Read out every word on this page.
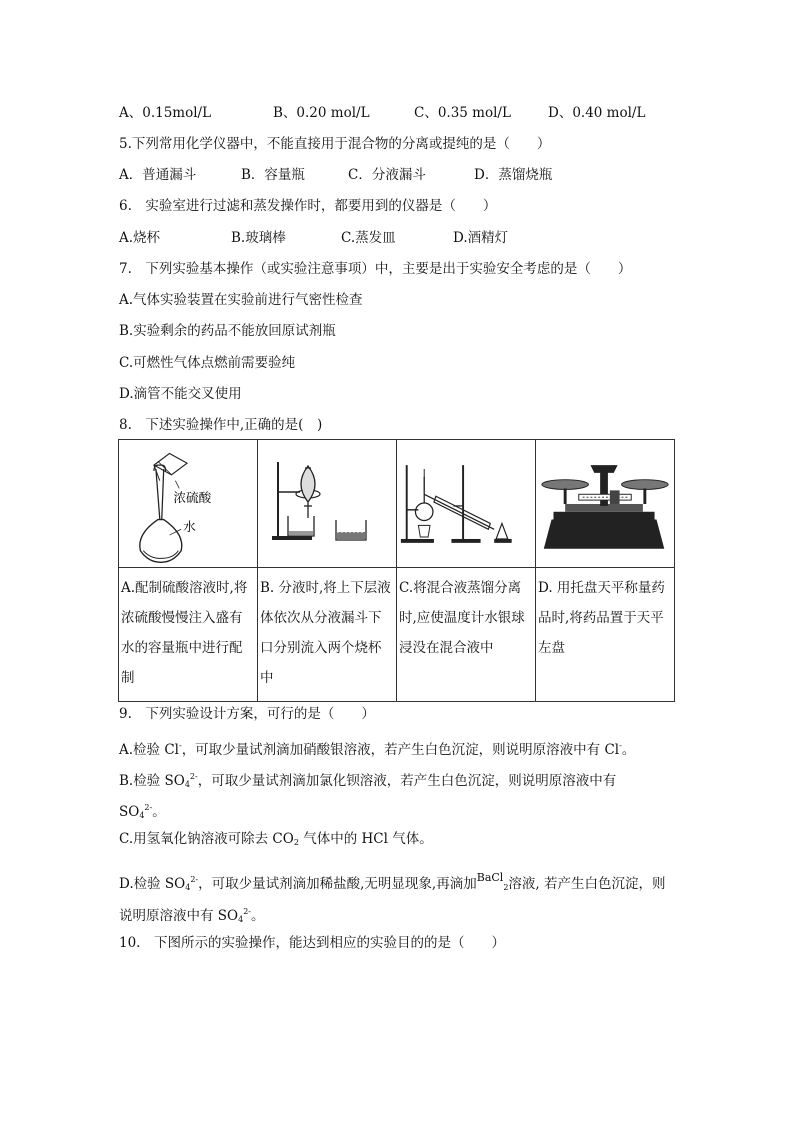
A、0.15mol/L	B、0.20 mol/L	C、0.35 mol/L	D、0.40 mol/L
5.下列常用化学仪器中，不能直接用于混合物的分离或提纯的是（　　）
A．普通漏斗	B．容量瓶	C．分液漏斗	D．蒸馏烧瓶
6.　实验室进行过滤和蒸发操作时，都要用到的仪器是（　　）
A.烧杯	B.玻璃棒	C.蒸发皿	D.酒精灯
7.　下列实验基本操作（或实验注意事项）中，主要是出于实验安全考虑的是（　　）
A.气体实验装置在实验前进行气密性检查
B.实验剩余的药品不能放回原试剂瓶
C.可燃性气体点燃前需要验纯
D.滴管不能交叉使用
8.　下述实验操作中,正确的是(　)
浓硫酸
水

A.配制硫酸溶液时,将浓硫酸慢慢注入盛有水的容量瓶中进行配制	B. 分液时,将上下层液体依次从分液漏斗下口分别流入两个烧杯中	C.将混合液蒸馏分离时,应使温度计水银球浸没在混合液中	D. 用托盘天平称量药品时,将药品置于天平左盘
9.　下列实验设计方案，可行的是（　　）
A.检验 Cl-，可取少量试剂滴加硝酸银溶液，若产生白色沉淀，则说明原溶液中有 Cl-。
B.检验 $SO_4^{2-}$，可取少量试剂滴加氯化钡溶液，若产生白色沉淀，则说明原溶液中有
$SO_4^{2-}$。
C.用氢氧化钠溶液可除去 $CO_2$ 气体中的 HCl 气体。
D.检验 $SO_4^{2-}$，可取少量试剂滴加稀盐酸,无明显现象,再滴加$^{BaCl}_2$溶液, 若产生白色沉淀，则
说明原溶液中有 $SO_4^{2-}$。
10.　下图所示的实验操作，能达到相应的实验目的的是（　　）
